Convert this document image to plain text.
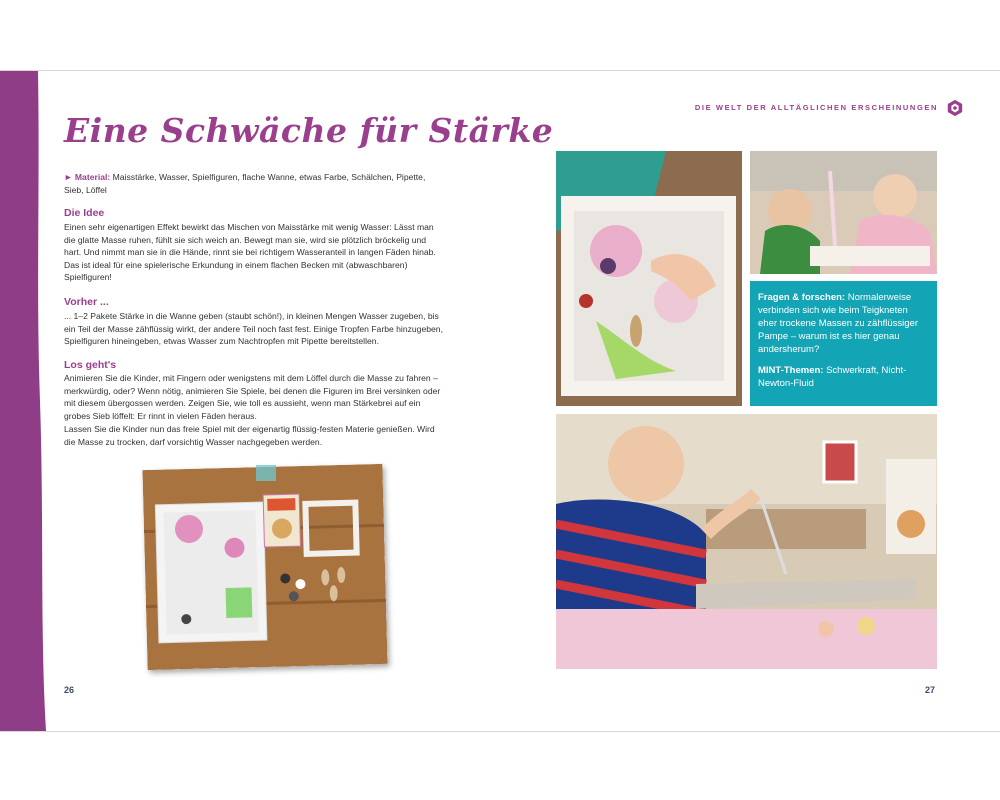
Eine Schwäche für Stärke

► Material: Maisstärke, Wasser, Spielfiguren, flache Wanne, etwas Farbe, Schälchen, Pipette, Sieb, Löffel

Die Idee

Einen sehr eigenartigen Effekt bewirkt das Mischen von Maisstärke mit wenig Wasser: Lässt man die glatte Masse ruhen, fühlt sie sich weich an. Bewegt man sie, wird sie plötzlich bröckelig und hart. Und nimmt man sie in die Hände, rinnt sie bei richtigem Wasseranteil in langen Fäden hinab. Das ist ideal für eine spielerische Erkundung in einem flachen Becken mit (abwaschbaren) Spielfiguren!

Vorher ...

... 1–2 Pakete Stärke in die Wanne geben (staubt schön!), in kleinen Mengen Wasser zugeben, bis ein Teil der Masse zähflüssig wirkt, der andere Teil noch fast fest. Einige Tropfen Farbe hinzugeben, Spielfiguren hineingeben, etwas Wasser zum Nachtropfen mit Pipette bereitstellen.

Los geht's

Animieren Sie die Kinder, mit Fingern oder wenigstens mit dem Löffel durch die Masse zu fahren – merkwürdig, oder? Wenn nötig, animieren Sie Spiele, bei denen die Figuren im Brei versinken oder mit diesem übergossen werden. Zeigen Sie, wie toll es aussieht, wenn man Stärkebrei auf ein grobes Sieb löffelt: Er rinnt in vielen Fäden heraus.

Lassen Sie die Kinder nun das freie Spiel mit der eigenartig flüssig-festen Materie genießen. Wird die Masse zu trocken, darf vorsichtig Wasser nachgegeben werden.

26
DIE WELT DER ALLTÄGLICHEN ERSCHEINUNGEN

Fragen & forschen: Normalerweise verbinden sich wie beim Teigkneten eher trockene Massen zu zähflüssiger Pampe – warum ist es hier genau andersherum?

MINT-Themen: Schwerkraft, Nicht-Newton-Fluid

27
